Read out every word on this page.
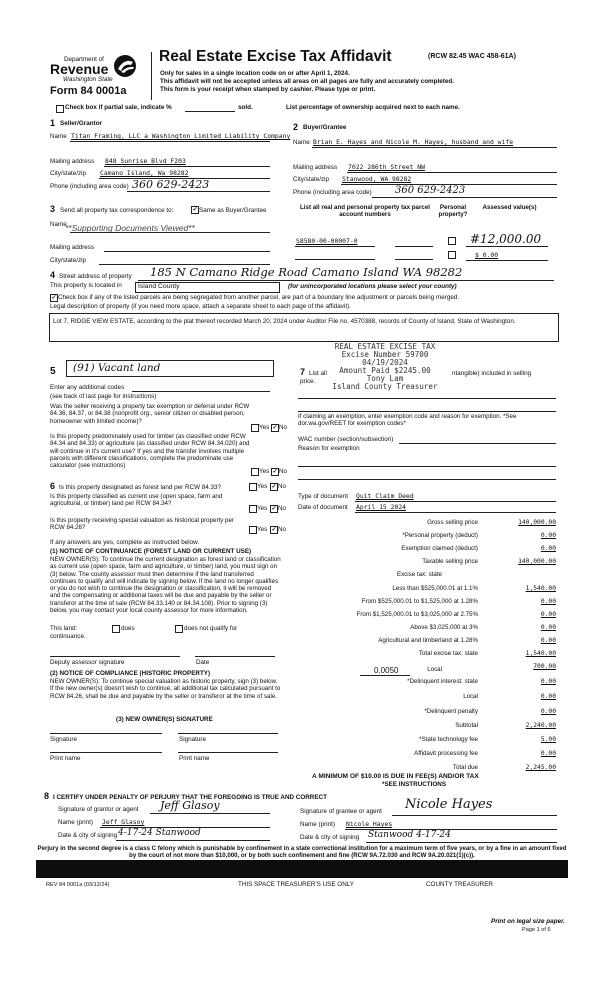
Department of
Revenue
Washington State
Form 84 0001a
Real Estate Excise Tax Affidavit	(RCW 82.45 WAC 458-61A)
Only for sales in a single location code on or after April 1, 2024.
This affidavit will not be accepted unless all areas on all pages are fully and accurately completed.
This form is your receipt when stamped by cashier. Please type or print.
Check box if partial sale, indicate %	sold.	List percentage of ownership acquired next to each name.
1 Seller/Grantor
Name Titan Framing, LLC a Washington Limited Liability Company
Mailing address 848 Sunrise Blvd F203
City/state/zip Camano Island, Wa 98282
Phone (including area code) 360 629-2423
2 Buyer/Grantee
Name Brian E. Hayes and Nicole M. Hayes, husband and wife
Mailing address 7022 286th Street NW
City/state/zip Stanwood, WA 98282
Phone (including area code) 360 629-2423
3 Send all property tax correspondence to:	✓ Same as Buyer/Grantee
Name
**Supporting Documents Viewed**
Mailing address
City/state/zip
List all real and personal property tax parcel account numbers
Personal property?
Assessed value(s)
S8580-00-00007-0	#12,000.00
$ 0.00
4 Street address of property 185 N Camano Ridge Road Camano Island WA 98282
This property is located in Island County	(for unincorporated locations please select your county)
✓ Check box if any of the listed parcels are being segregated from another parcel, are part of a boundary line adjustment or parcels being merged.
Legal description of property (if you need more space, attach a separate sheet to each page of the affidavit).
Lot 7, RIDGE VIEW ESTATE, according to the plat thereof recorded March 20, 2024 under Auditor File no. 4570388, records of County of Island, State of Washington.
REAL ESTATE EXCISE TAX
Excise Number 59700
04/19/2024
Amount Paid $2245.00
Tony Lam
Island County Treasurer
5 (91) Vacant land
Enter any additional codes
(see back of last page for instructions)
Was the seller receiving a property tax exemption or deferral under RCW 84.36, 84.37, or 84.38 (nonprofit org., senior citizen or disabled person, homeowner with limited income)?
Yes ✓ No
Is this property predominately used for timber (as classified under RCW 84.34 and 84.33) or agriculture (as classified under RCW 84.34.020) and will continue in it's current use? If yes and the transfer involves multiple parcels with different classifications, complete the predominate use calculator (see instructions)
Yes ✓ No
7 List all
price.
ntangible) included in selling
If claiming an exemption, enter exemption code and reason for exemption. *See dor.wa.gov/REET for exemption codes*
WAC number (section/subsection)
Reason for exemption
Type of document Quit Claim Deed
Date of document April 15 2024
6 Is this property designated as forest land per RCW 84.33?	Yes ✓ No
Is this property classified as current use (open space, farm and agricultural, or timber) land per RCW 84.34?
Yes ✓ No
Is this property receiving special valuation as historical property per RCW 84.26?	Yes ✓ No
If any answers are yes, complete as instructed below.
(1) NOTICE OF CONTINUANCE (FOREST LAND OR CURRENT USE)
NEW OWNER(S): To continue the current designation as forest land or classification as current use (open space, farm and agriculture, or timber) land, you must sign on (3) below. The county assessor must then determine if the land transferred continues to qualify and will indicate by signing below. If the land no longer qualifies or you do not wish to continue the designation or classification, it will be removed and the compensating or additional taxes will be due and payable by the seller or transferor at the time of sale (RCW 84.33.140 or 84.34.108). Prior to signing (3) below, you may contact your local county assessor for more information.
This land:	does	does not qualify for
continuance.
Deputy assessor signature	Date
(2) NOTICE OF COMPLIANCE (HISTORIC PROPERTY)
NEW OWNER(S): To continue special valuation as historic property, sign (3) below. If the new owner(s) doesn't wish to continue, all additional tax calculated pursuant to RCW 84.26, shall be due and payable by the seller or transferor at the time of sale.
(3) NEW OWNER(S) SIGNATURE
Signature	Signature
Print name	Print name
Gross selling price	140,000.00
*Personal property (deduct)	0.00
Exemption claimed (deduct)	0.00
Taxable selling price	140,000.00
Excise tax: state
Less than $525,000.01 at 1.1%	1,540.00
From $525,000.01 to $1,525,000 at 1.28%	0.00
From $1,525,000.01 to $3,025,000 at 2.75%	0.00
Above $3,025,000 at 3%	0.00
Agricultural and timberland at 1.28%	0.00
Total excise tax: state	1,540.00
0.0050	Local	700.00
*Delinquent interest: state	0.00
Local	0.00
*Delinquent penalty	0.00
Subtotal	2,240.00
*State technology fee	5.00
Affidavit processing fee	0.00
Total due	2,245.00
A MINIMUM OF $10.00 IS DUE IN FEE(S) AND/OR TAX
*SEE INSTRUCTIONS
8 I CERTIFY UNDER PENALTY OF PERJURY THAT THE FOREGOING IS TRUE AND CORRECT
Signature of grantor or agent Jeff Glasoy
Name (print) Jeff Glasoy
Date & city of signing 4-17-24 Stanwood
Signature of grantee or agent Nicole Hayes
Name (print) Nicole Hayes
Date & city of signing Stanwood 4-17-24
Perjury in the second degree is a class C felony which is punishable by confinement in a state correctional institution for a maximum term of five years, or by a fine in an amount fixed by the court of not more than $10,000, or by both such confinement and fine (RCW 9A.72.030 and RCW 9A.20.021(1)(c)).
REV 84 0001a (03/12/24)	THIS SPACE TREASURER'S USE ONLY	COUNTY TREASURER
Print on legal size paper.
Page 1 of 6
